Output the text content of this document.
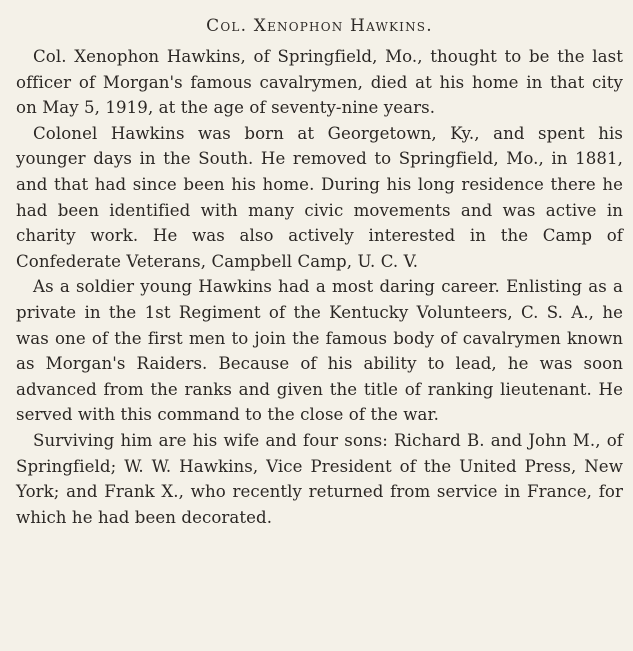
Col. Xenophon Hawkins.

Col. Xenophon Hawkins, of Springfield, Mo., thought to be the last officer of Morgan's famous cavalrymen, died at his home in that city on May 5, 1919, at the age of seventy-nine years.

Colonel Hawkins was born at Georgetown, Ky., and spent his younger days in the South. He removed to Springfield, Mo., in 1881, and that had since been his home. During his long residence there he had been identified with many civic movements and was active in charity work. He was also actively interested in the Camp of Confederate Veterans, Campbell Camp, U. C. V.

As a soldier young Hawkins had a most daring career. Enlisting as a private in the 1st Regiment of the Kentucky Volunteers, C. S. A., he was one of the first men to join the famous body of cavalrymen known as Morgan's Raiders. Because of his ability to lead, he was soon advanced from the ranks and given the title of ranking lieutenant. He served with this command to the close of the war.

Surviving him are his wife and four sons: Richard B. and John M., of Springfield; W. W. Hawkins, Vice President of the United Press, New York; and Frank X., who recently returned from service in France, for which he had been decorated.
